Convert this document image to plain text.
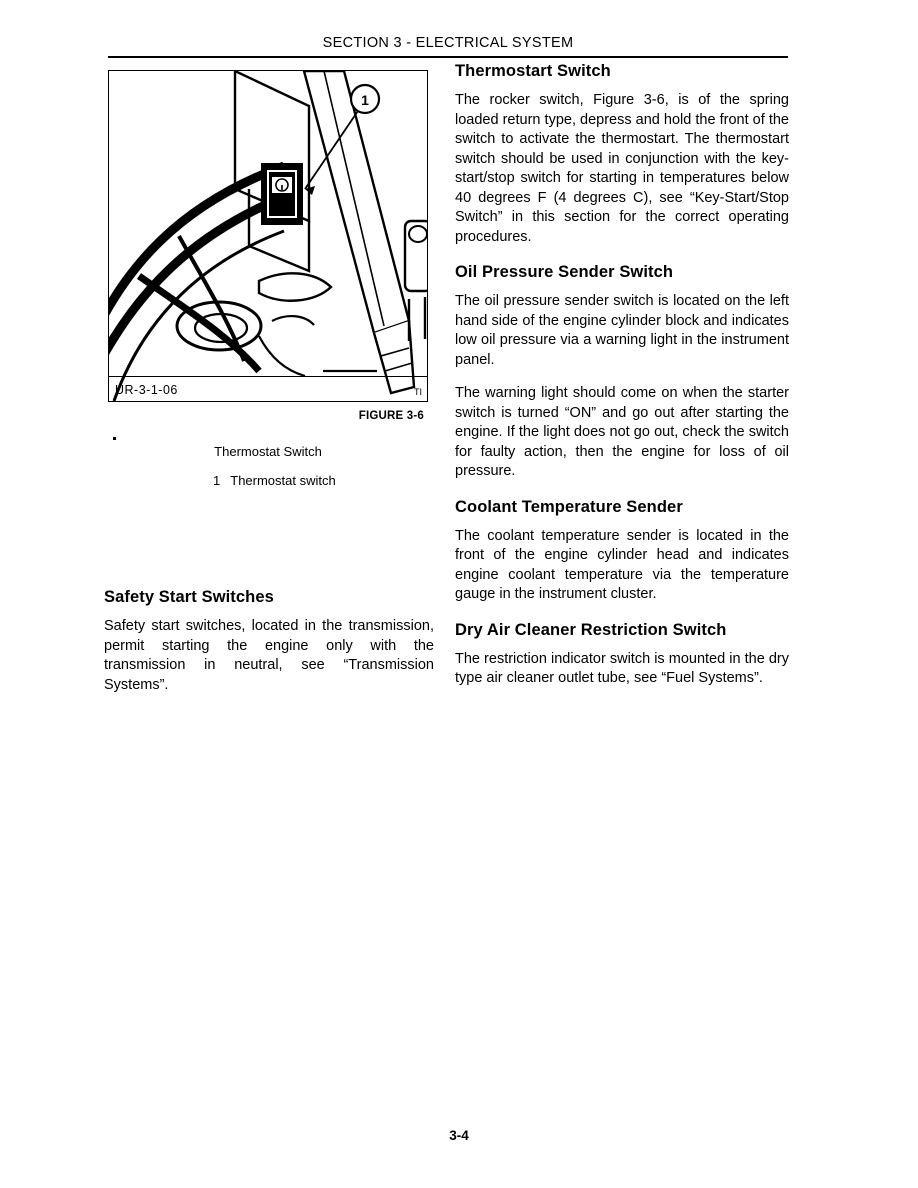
SECTION 3 - ELECTRICAL SYSTEM
1
UR-3-1-06	TI
FIGURE 3-6
Thermostat Switch
1 Thermostat switch
Safety Start Switches

Safety start switches, located in the transmission, permit starting the engine only with the transmission in neutral, see “Transmission Systems”.

Thermostart Switch

The rocker switch, Figure 3-6, is of the spring loaded return type, depress and hold the front of the switch to activate the thermostart. The thermostart switch should be used in conjunction with the key-start/stop switch for starting in temperatures below 40 degrees F (4 degrees C), see “Key-Start/Stop Switch” in this section for the correct operating procedures.

Oil Pressure Sender Switch

The oil pressure sender switch is located on the left hand side of the engine cylinder block and indicates low oil pressure via a warning light in the instrument panel.

The warning light should come on when the starter switch is turned “ON” and go out after starting the engine. If the light does not go out, check the switch for faulty action, then the engine for loss of oil pressure.

Coolant Temperature Sender

The coolant temperature sender is located in the front of the engine cylinder head and indicates engine coolant temperature via the temperature gauge in the instrument cluster.

Dry Air Cleaner Restriction Switch

The restriction indicator switch is mounted in the dry type air cleaner outlet tube, see “Fuel Systems”.

3-4
